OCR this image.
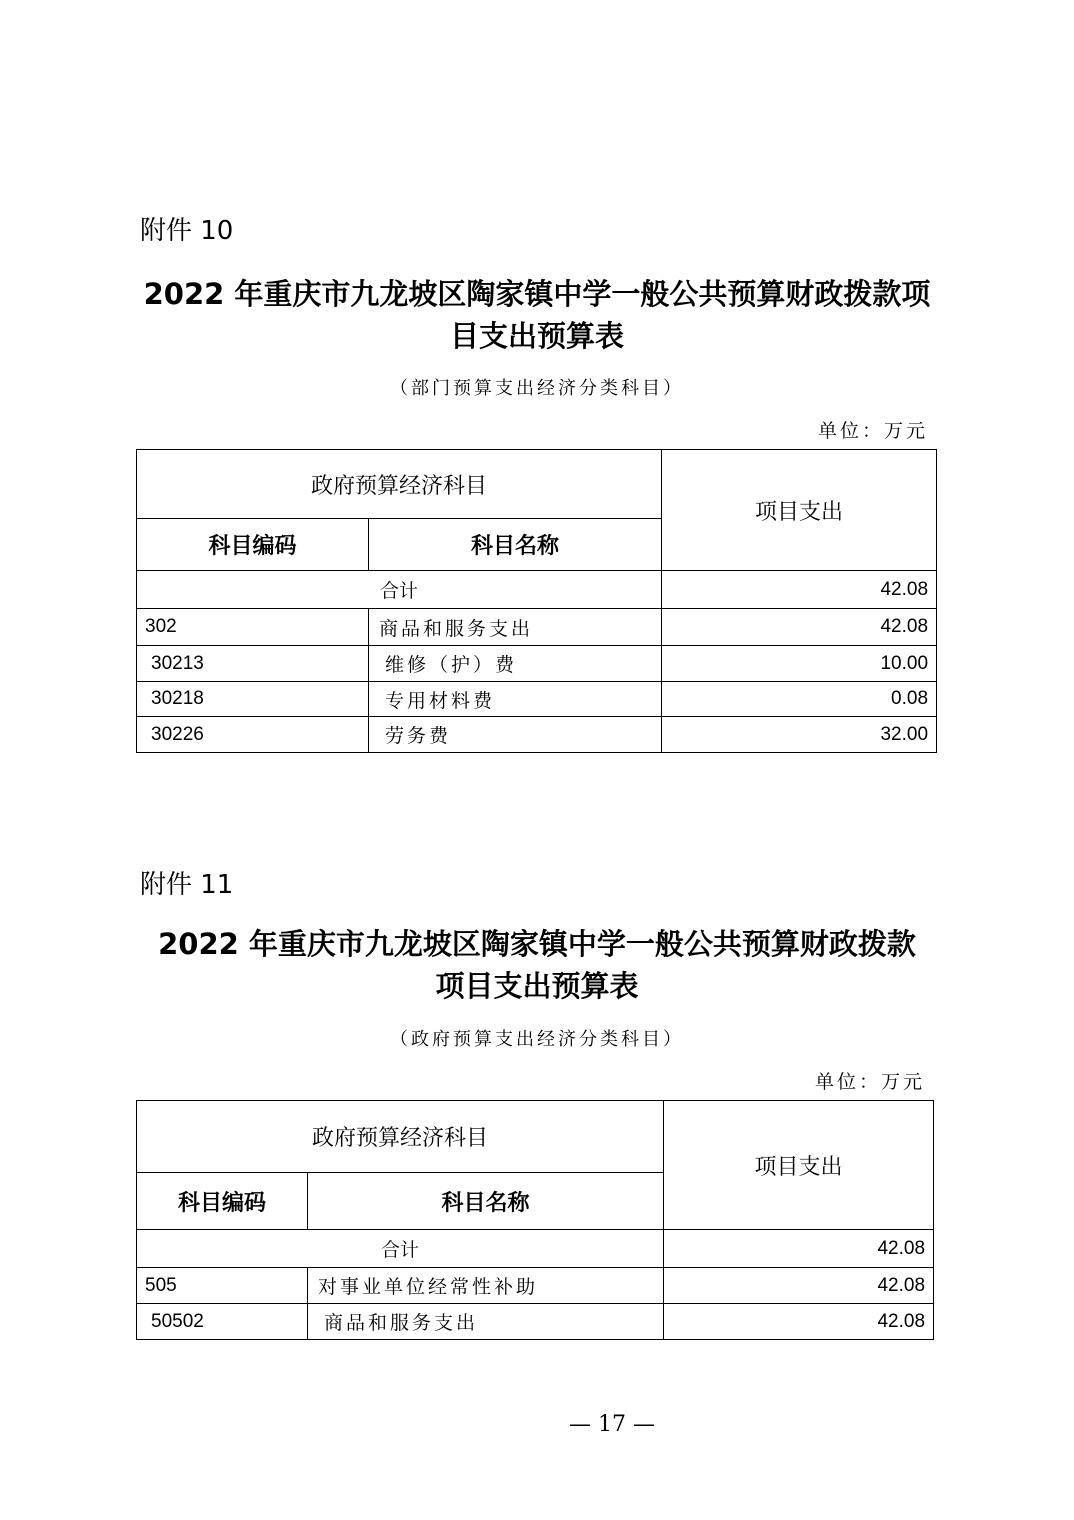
附件 10
2022 年重庆市九龙坡区陶家镇中学一般公共预算财政拨款项
目支出预算表
（部门预算支出经济分类科目）
单位：万元
政府预算经济科目		项目支出
科目编码	科目名称	
合计		42.08
302	商品和服务支出	42.08
30213	维修（护）费	10.00
30218	专用材料费	0.08
30226	劳务费	32.00
附件 11
2022 年重庆市九龙坡区陶家镇中学一般公共预算财政拨款
项目支出预算表
（政府预算支出经济分类科目）
单位：万元
政府预算经济科目		项目支出
科目编码	科目名称	
合计		42.08
505	对事业单位经常性补助	42.08
50502	商品和服务支出	42.08
— 17 —
